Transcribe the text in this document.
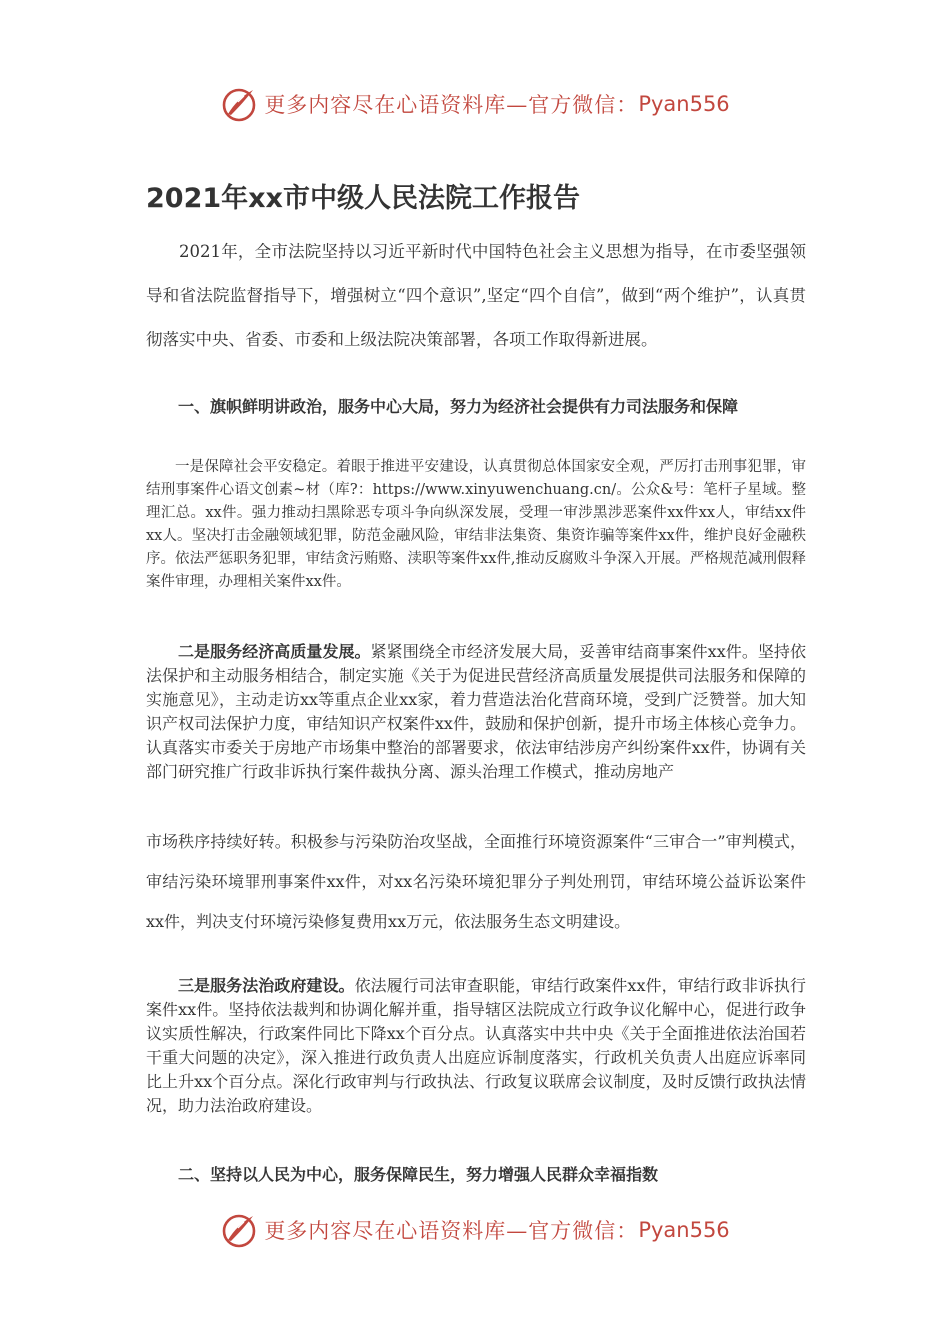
更多内容尽在心语资料库—官方微信： Pyan556
2021年xx市中级人民法院工作报告

2021年，全市法院坚持以习近平新时代中国特色社会主义思想为指导，在市委坚强领导和省法院监督指导下，增强树立“四个意识”,坚定“四个自信”，做到“两个维护”，认真贯彻落实中央、省委、市委和上级法院决策部署，各项工作取得新进展。

一、旗帜鲜明讲政治，服务中心大局，努力为经济社会提供有力司法服务和保障

一是保障社会平安稳定。着眼于推进平安建设，认真贯彻总体国家安全观，严厉打击刑事犯罪，审结刑事案件心语文创素~材（库?：https://www.xinyuwenchuang.cn/。公众&号：笔杆子星域。整理汇总。xx件。强力推动扫黑除恶专项斗争向纵深发展，受理一审涉黑涉恶案件xx件xx人，审结xx件xx人。坚决打击金融领域犯罪，防范金融风险，审结非法集资、集资诈骗等案件xx件，维护良好金融秩序。依法严惩职务犯罪，审结贪污贿赂、渎职等案件xx件,推动反腐败斗争深入开展。严格规范减刑假释案件审理，办理相关案件xx件。

二是服务经济高质量发展。紧紧围绕全市经济发展大局，妥善审结商事案件xx件。坚持依法保护和主动服务相结合，制定实施《关于为促进民营经济高质量发展提供司法服务和保障的实施意见》，主动走访xx等重点企业xx家，着力营造法治化营商环境，受到广泛赞誉。加大知识产权司法保护力度，审结知识产权案件xx件，鼓励和保护创新，提升市场主体核心竞争力。认真落实市委关于房地产市场集中整治的部署要求，依法审结涉房产纠纷案件xx件，协调有关部门研究推广行政非诉执行案件裁执分离、源头治理工作模式，推动房地产

市场秩序持续好转。积极参与污染防治攻坚战，全面推行环境资源案件“三审合一”审判模式，审结污染环境罪刑事案件xx件，对xx名污染环境犯罪分子判处刑罚，审结环境公益诉讼案件xx件，判决支付环境污染修复费用xx万元，依法服务生态文明建设。

三是服务法治政府建设。依法履行司法审查职能，审结行政案件xx件，审结行政非诉执行案件xx件。坚持依法裁判和协调化解并重，指导辖区法院成立行政争议化解中心，促进行政争议实质性解决，行政案件同比下降xx个百分点。认真落实中共中央《关于全面推进依法治国若干重大问题的决定》，深入推进行政负责人出庭应诉制度落实，行政机关负责人出庭应诉率同比上升xx个百分点。深化行政审判与行政执法、行政复议联席会议制度，及时反馈行政执法情况，助力法治政府建设。

二、坚持以人民为中心，服务保障民生，努力增强人民群众幸福指数

更多内容尽在心语资料库—官方微信： Pyan556
